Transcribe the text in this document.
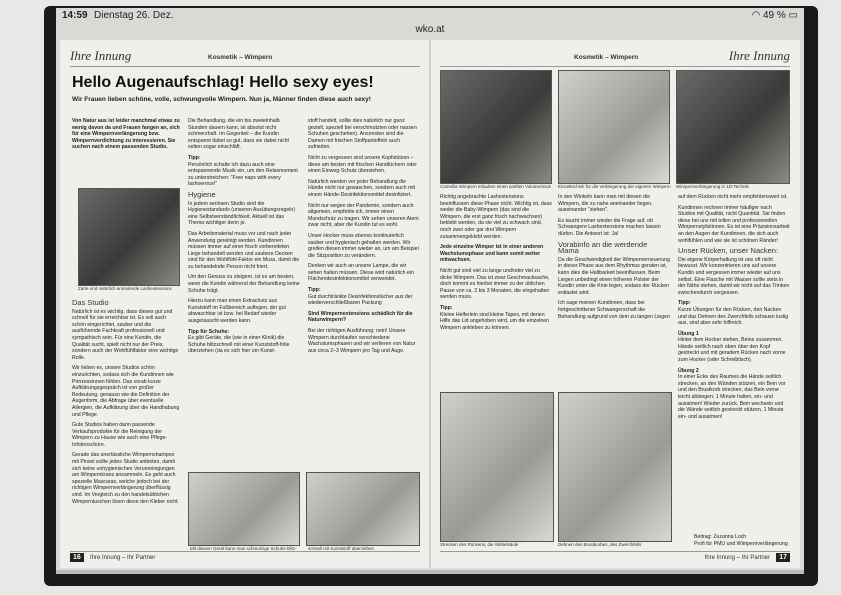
14:59 Dienstag 26. Dez.	◠ 49 % ▭
wko.at
Ihre Innung	Kosmetik – Wimpern
Hello Augenaufschlag! Hello sexy eyes!

Wir Frauen lieben schöne, volle, schwungvolle Wimpern. Nun ja, Männer finden diese auch sexy!

Von Natur aus ist leider manchmal etwas zu wenig davon da und Frauen fangen an, sich für eine Wimpernverlängerung bzw. Wimpernverdichtung zu interessieren. Sie suchen nach einem passenden Studio.

Zarte und natürlich anmutende Lashextensions
Das Studio

Natürlich ist es wichtig, dass dieses gut und schnell für sie erreichbar ist. Es soll auch schön eingerichtet, sauber und die ausführende Fachkraft professionell und sympathisch sein. Für eine Kundin, die Qualität sucht, spielt nicht nur der Preis, sondern auch der Wohlfühlfaktor eine wichtige Rolle.

Wir lieben es, unsere Studios schön einzurichten, sodass sich die Kundinnen wie Prinzessinnen fühlen. Das vorab kurze Aufklärungsgespräch ist von großer Bedeutung, genauso wie die Definition der Augenform, die Abfrage über eventuelle Allergien, die Aufklärung über die Handhabung und Pflege.

Gute Studios haben dann passende Verkaufsprodukte für die Reinigung der Wimpern zu Hause wie auch eine Pflege-Infobroschüre.

Gerade das unerlässliche Wimpernshampoo mit Pinsel sollte jedes Studio anbieten, damit sich keine unhygienischen Verunreinigungen am Wimpernkranz ansammeln. Es geht auch spezielle Mascaras, welche jedoch bei der richtigen Wimpernverlängerung überflüssig sind. Im Vergleich zu den handelsüblichen Wimperntuschen lösen diese den Kleber nicht.

Die Behandlung, die ein bis zweieinhalb Stunden dauern kann, ist absolut nicht schmerzhaft. Im Gegenteil – die Kundin entspannt dabei so gut, dass sie dabei nicht selten sogar einschläft.

Tipp:
Persönlich schalte ich dazu auch eine entspannende Musik ein, um den Relaxmoment zu unterstreichen: "Free naps with every lashservice!"

Hygiene

In jedem seriösen Studio sind die Hygienestandards (unseren Ausübungsregeln) eine Selbstverständlichkeit. Aktuell ist das Thema wichtiger denn je.

Das Arbeitsmaterial muss vor und nach jeder Anwendung gereinigt werden. Kundinnen müssen immer auf einer frisch vorbereiteten Liege behandelt werden und saubere Decken sind für den Wohlfühl-Faktor ein Muss, damit die zu behandelnde Person nicht friert.

Um den Genuss zu steigern, ist es am besten, wenn die Kundin während der Behandlung keine Schuhe trägt.

Hierzu kann man einen Extrachutz aus Kunststoff im Fußbereich auflegen, der gut abwaschbar ist bzw. bei Bedarf wieder ausgetauscht werden kann.

Tipp für Schuhe:
Es gibt Geräte, die (wie in einer Klinik) die Schuhe blitzschnell mit einer Kunststoff-folie überziehen (da es sich hier um Kunst-

stoff handelt, sollte dies natürlich nur ganz gezielt, speziell bei verschmutzten oder nassen Schuhen geschehen). Ansonsten sind die Damen mit frischen Stoffpantoffeln auch zufrieden.

Nicht zu vergessen sind unsere Kopfstützen – diese am besten mit frischen Handtüchern oder einen Einweg-Schutz überziehen.

Natürlich werden vor jeder Behandlung die Hände nicht nur gewaschen, sondern auch mit einem Hände-Desinfektionsmittel desinfiziert.

Nicht nur wegen der Pandemie, sondern auch allgemein, empfehle ich, immer einen Mundschutz zu tragen. Wir sehen unseren Atem zwar nicht, aber die Kundin tut es wohl.

Unser Hocker muss ebenso kontinuierlich sauber und hygienisch gehalten werden. Wir greifen diesen immer wieder an, um am Beispiel die Sitzposition zu verändern.

Denken wir auch an unsere Lampe, die wir sehen halten müssen. Diese wird natürlich ein Flächendesinfektionsmittel verwendet.

Tipp:
Gut durchtränkte Desinfektionstücher aus der wiederverschließbaren Packung

Sind Wimpernextensions schädlich für die Naturwimpern?

Bei der richtigen Ausführung: nein! Unsere Wimpern durchlaufen verschiedene Wachstumsphasen und wir verlieren von Natur aus circa 2–3 Wimpern pro Tag und Auge.

Mit diesem Gerät kann man schmutzige Schuhe blitz-	schnell mit Kunststoff überziehen
16	Ihre Innung – Ihr Partner
Kosmetik – Wimpern	Ihre Innung
Camellia Wimpern erlauben einen sanften Volumenlook Einzeltechnik für die Verlängerung der eigenen Wimpern Wimpernverlängerung in 1D-Technik

Richtig angebrachte Lashextensions beeinflussen diese Phase nicht. Wichtig ist, dass weder die Baby-Wimpern (das sind die Wimpern, die erst ganz frisch nachwachsen) beklebt werden, da sie viel zu schwach sind, noch zwei oder gar drei Wimpern zusammengeklebt werden.

Jede einzelne Wimper ist in einer anderen Wachstumsphase und kann somit weiter mitwachsen.

Nicht gut sind viel zu lange und/oder viel zu dicke Wimpern. Das ist zwar Geschmacksache, doch kommt es hierbei immer zu der üblichen Pause von ca. 2 bis 3 Monaten, die eingehalten werden muss.

Tipp:
Kleine Helferlein sind kleine Tapes, mit denen Hilfe das Lid angehoben wird, um die einzelnen Wimpern ankleben zu können.

In den Winkeln kann man mit diesen die Wimpern, die zu nahe aneinander liegen, auseinander "ziehen".

Es taucht immer wieder die Frage auf, ob Schwangere Lashextensions machen lassen dürfen. Die Antwort ist: Ja!

Vorabinfo an die werdende Mama

Da die Geschwindigkeit der Wimpernerneuerung in dieser Phase aus dem Rhythmus geraten ist, kann dies die Haltbarkeit beeinflussen. Beim Liegen unbedingt einen höheren Polster der Kundin unter die Knie legen, sodass der Rücken entlastet wird.

Ich sage meinen Kundinnen, dass bei fortgeschrittener Schwangerschaft die Behandlung aufgrund von dem zu langen Liegen

Strecken des Rückens, die Wirbelsäule	Dehnen des Brustkorbes, des Zwerchfells

auf dem Rücken nicht mehr empfehlenswert ist.

Kundinnen rechnen immer häufiger nach Studios mit Qualität, nicht Quantität. Sie finden diese bei uns mit tollen und professionellen Wimpernstylistinnen. Es ist eine Präzisionsarbeit an den Augen der Kundinnen, die sich auch wohlfühlen und wie sie ist schönen Ränder!

Unser Rücken, unser Nacken:

Die eigene Körperhaltung ist uns oft nicht bewusst. Wir konzentrieren uns auf unsere Kundin und vergessen immer wieder auf uns selbst. Eine Flasche mit Wasser sollte stets in der Nähe stehen, damit wir nicht auf das Trinken zwischendurch vergessen.

Tipp:
Kurze Übungen für den Rücken, den Nacken und das Dehnen des Zwerchfells schauen lustig aus, sind aber sehr hilfreich.

Übung 1
Hinter dem Hocker stehen, Beine zusammen, Hände seitlich nach oben über den Kopf gestreckt und mit geradem Rücken nach vorne zum Hocker (oder Schreibtisch).

Übung 2
In einer Ecke des Raumes die Hände seitlich strecken, an den Wänden stützen, ein Bein vor und den Brustkorb strecken, das Bein vorne leicht abbiegen; 1 Minute halten, ein- und ausatmen! Wieder zurück, Bein wechseln und die Wände seitlich gestreckt stützen, 1 Minute ein- und ausatmen!

Beitrag: Zuzanna Loch
Profi für PMU und Wimpernverlängerung
Ihre Innung – Ihr Partner	17
